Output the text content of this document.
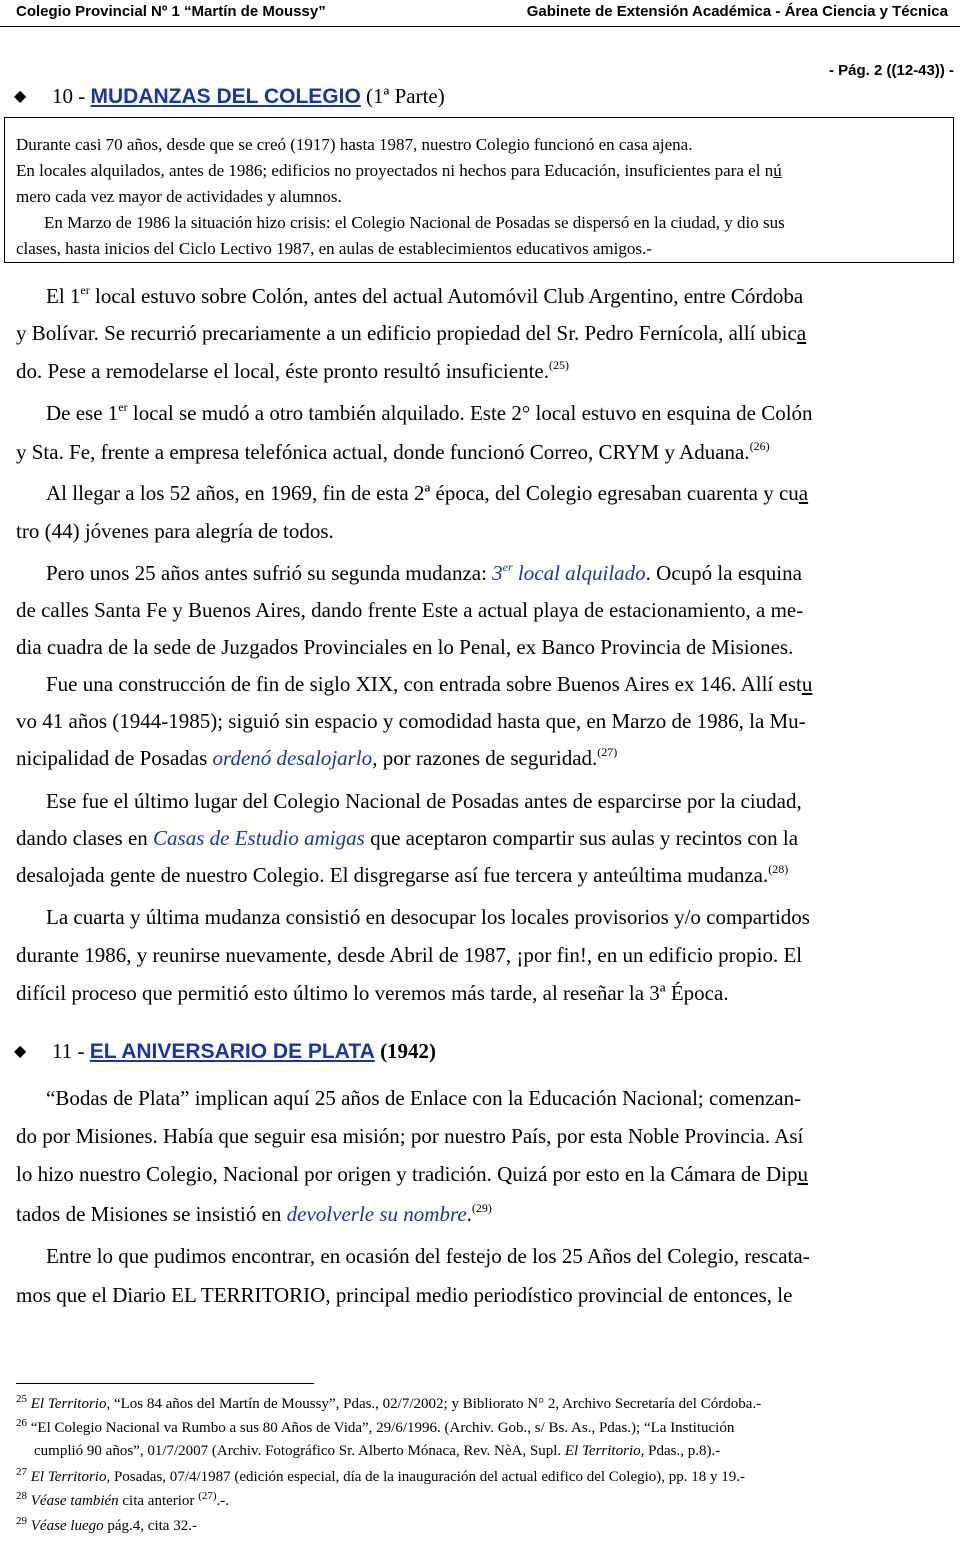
Colegio Provincial Nº 1 “Martín de Moussy”	Gabinete de Extensión Académica - Área Ciencia y Técnica
- Pág. 2 ((12-43)) -
◆ 10 - MUDANZAS DEL COLEGIO (1ª Parte)
Durante casi 70 años, desde que se creó (1917) hasta 1987, nuestro Colegio funcionó en casa ajena.
En locales alquilados, antes de 1986; edificios no proyectados ni hechos para Educación, insuficientes para el nú
mero cada vez mayor de actividades y alumnos.
En Marzo de 1986 la situación hizo crisis: el Colegio Nacional de Posadas se dispersó en la ciudad, y dio sus
clases, hasta inicios del Ciclo Lectivo 1987, en aulas de establecimientos educativos amigos.-
El 1er local estuvo sobre Colón, antes del actual Automóvil Club Argentino, entre Córdoba
y Bolívar. Se recurrió precariamente a un edificio propiedad del Sr. Pedro Fernícola, allí ubica
do. Pese a remodelarse el local, éste pronto resultó insuficiente.$^{(25)}$
De ese 1er local se mudó a otro también alquilado. Este 2° local estuvo en esquina de Colón
y Sta. Fe, frente a empresa telefónica actual, donde funcionó Correo, CRYM y Aduana.$^{(26)}$
Al llegar a los 52 años, en 1969, fin de esta 2ª época, del Colegio egresaban cuarenta y cua
tro (44) jóvenes para alegría de todos.
Pero unos 25 años antes sufrió su segunda mudanza: 3er local alquilado. Ocupó la esquina
de calles Santa Fe y Buenos Aires, dando frente Este a actual playa de estacionamiento, a me-
dia cuadra de la sede de Juzgados Provinciales en lo Penal, ex Banco Provincia de Misiones.
Fue una construcción de fin de siglo XIX, con entrada sobre Buenos Aires ex 146. Allí estu
vo 41 años (1944-1985); siguió sin espacio y comodidad hasta que, en Marzo de 1986, la Mu-
nicipalidad de Posadas ordenó desalojarlo, por razones de seguridad.$^{(27)}$
Ese fue el último lugar del Colegio Nacional de Posadas antes de esparcirse por la ciudad,
dando clases en Casas de Estudio amigas que aceptaron compartir sus aulas y recintos con la
desalojada gente de nuestro Colegio. El disgregarse así fue tercera y anteúltima mudanza.$^{(28)}$
La cuarta y última mudanza consistió en desocupar los locales provisorios y/o compartidos
durante 1986, y reunirse nuevamente, desde Abril de 1987, ¡por fin!, en un edificio propio. El
difícil proceso que permitió esto último lo veremos más tarde, al reseñar la 3ª Época.
◆ 11 - EL ANIVERSARIO DE PLATA (1942)
“Bodas de Plata” implican aquí 25 años de Enlace con la Educación Nacional; comenzan-
do por Misiones. Había que seguir esa misión; por nuestro País, por esta Noble Provincia. Así
lo hizo nuestro Colegio, Nacional por origen y tradición. Quizá por esto en la Cámara de Dipu
tados de Misiones se insistió en devolverle su nombre.$^{(29)}$
Entre lo que pudimos encontrar, en ocasión del festejo de los 25 Años del Colegio, rescata-
mos que el Diario EL TERRITORIO, principal medio periodístico provincial de entonces, le
$^{25}$ El Territorio, “Los 84 años del Martín de Moussy”, Pdas., 02/7/2002; y Bibliorato N° 2, Archivo Secretaría del Córdoba.-
$^{26}$ “El Colegio Nacional va Rumbo a sus 80 Años de Vida”, 29/6/1996. (Archiv. Gob., s/ Bs. As., Pdas.); “La Institución
cumplió 90 años”, 01/7/2007 (Archiv. Fotográfico Sr. Alberto Mónaca, Rev. NèA, Supl. El Territorio, Pdas., p.8).-
$^{27}$ El Territorio, Posadas, 07/4/1987 (edición especial, día de la inauguración del actual edifico del Colegio), pp. 18 y 19.-
$^{28}$ Véase también cita anterior $^{(27)}$.-.
$^{29}$ Véase luego pág.4, cita 32.-
